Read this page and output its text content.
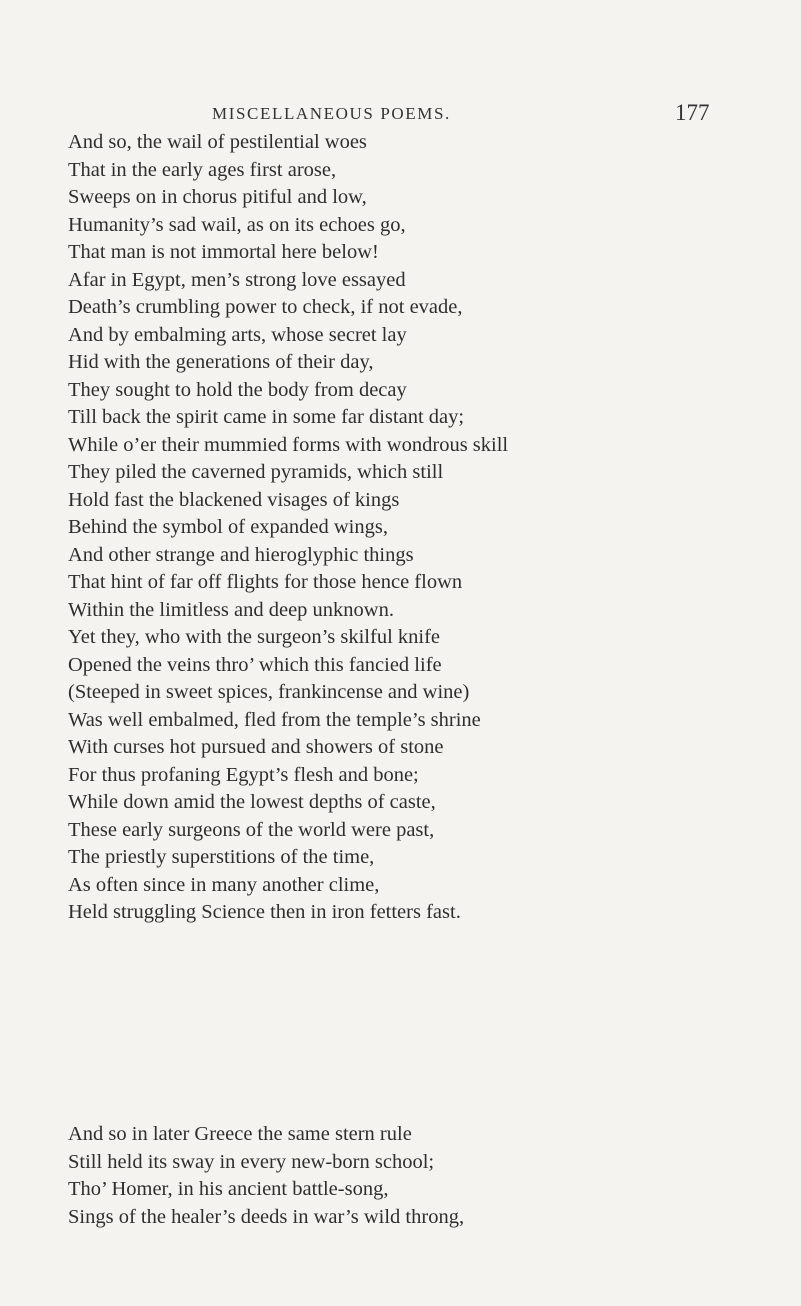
MISCELLANEOUS POEMS.	177
And so, the wail of pestilential woes
That in the early ages first arose,
Sweeps on in chorus pitiful and low,
Humanity’s sad wail, as on its echoes go,
That man is not immortal here below!
Afar in Egypt, men’s strong love essayed
Death’s crumbling power to check, if not evade,
And by embalming arts, whose secret lay
Hid with the generations of their day,
They sought to hold the body from decay
Till back the spirit came in some far distant day;
While o’er their mummied forms with wondrous skill
They piled the caverned pyramids, which still
Hold fast the blackened visages of kings
Behind the symbol of expanded wings,
And other strange and hieroglyphic things
That hint of far off flights for those hence flown
Within the limitless and deep unknown.
Yet they, who with the surgeon’s skilful knife
Opened the veins thro’ which this fancied life
(Steeped in sweet spices, frankincense and wine)
Was well embalmed, fled from the temple’s shrine
With curses hot pursued and showers of stone
For thus profaning Egypt’s flesh and bone;
While down amid the lowest depths of caste,
These early surgeons of the world were past,
The priestly superstitions of the time,
As often since in many another clime,
Held struggling Science then in iron fetters fast.
And so in later Greece the same stern rule
Still held its sway in every new-born school;
Tho’ Homer, in his ancient battle-song,
Sings of the healer’s deeds in war’s wild throng,
